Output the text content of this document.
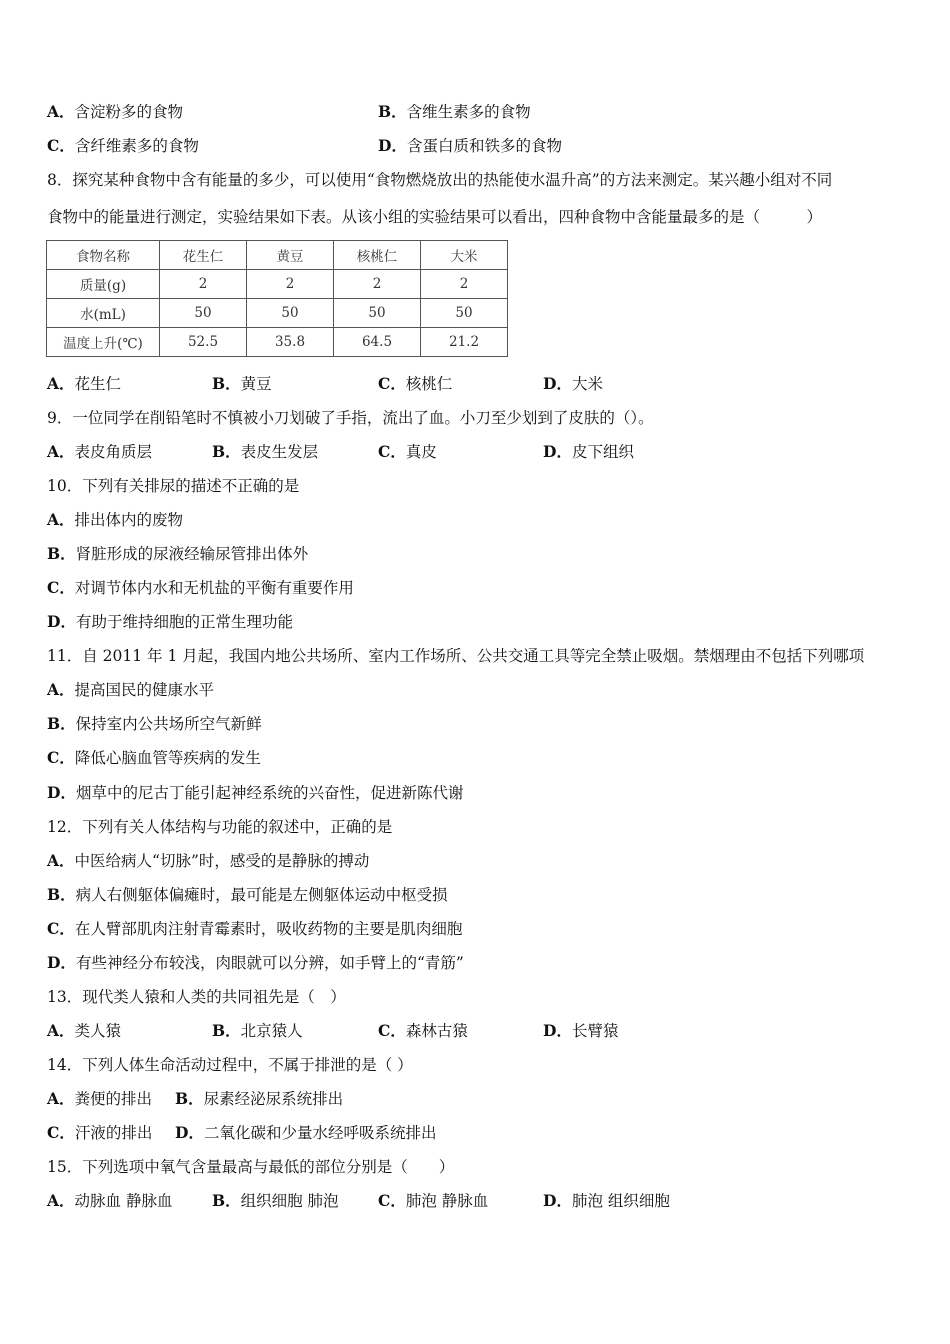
A．含淀粉多的食物	B．含维生素多的食物
C．含纤维素多的食物	D．含蛋白质和铁多的食物
8．探究某种食物中含有能量的多少，可以使用“食物燃烧放出的热能使水温升高”的方法来测定。某兴趣小组对不同
食物中的能量进行测定，实验结果如下表。从该小组的实验结果可以看出，四种食物中含能量最多的是（　　　）
食物名称	花生仁	黄豆	核桃仁	大米
质量(g)	2	2	2	2
水(mL)	50	50	50	50
温度上升(℃)	52.5	35.8	64.5	21.2
A．花生仁	B．黄豆	C．核桃仁	D．大米
9．一位同学在削铅笔时不慎被小刀划破了手指，流出了血。小刀至少划到了皮肤的（）。
A．表皮角质层	B．表皮生发层	C．真皮	D．皮下组织
10．下列有关排尿的描述不正确的是
A．排出体内的废物
B．肾脏形成的尿液经输尿管排出体外
C．对调节体内水和无机盐的平衡有重要作用
D．有助于维持细胞的正常生理功能
11．自 2011 年 1 月起，我国内地公共场所、室内工作场所、公共交通工具等完全禁止吸烟。禁烟理由不包括下列哪项
A．提高国民的健康水平
B．保持室内公共场所空气新鲜
C．降低心脑血管等疾病的发生
D．烟草中的尼古丁能引起神经系统的兴奋性，促进新陈代谢
12．下列有关人体结构与功能的叙述中，正确的是
A．中医给病人“切脉”时，感受的是静脉的搏动
B．病人右侧躯体偏瘫时，最可能是左侧躯体运动中枢受损
C．在人臂部肌肉注射青霉素时，吸收药物的主要是肌肉细胞
D．有些神经分布较浅，肉眼就可以分辨，如手臂上的“青筋”
13．现代类人猿和人类的共同祖先是（　）
A．类人猿	B．北京猿人	C．森林古猿	D．长臂猿
14．下列人体生命活动过程中，不属于排泄的是（ ）
A．粪便的排出 B．尿素经泌尿系统排出
C．汗液的排出 D．二氧化碳和少量水经呼吸系统排出
15．下列选项中氧气含量最高与最低的部位分别是（　　）
A．动脉血 静脉血	B．组织细胞 肺泡	C．肺泡 静脉血	D．肺泡 组织细胞
